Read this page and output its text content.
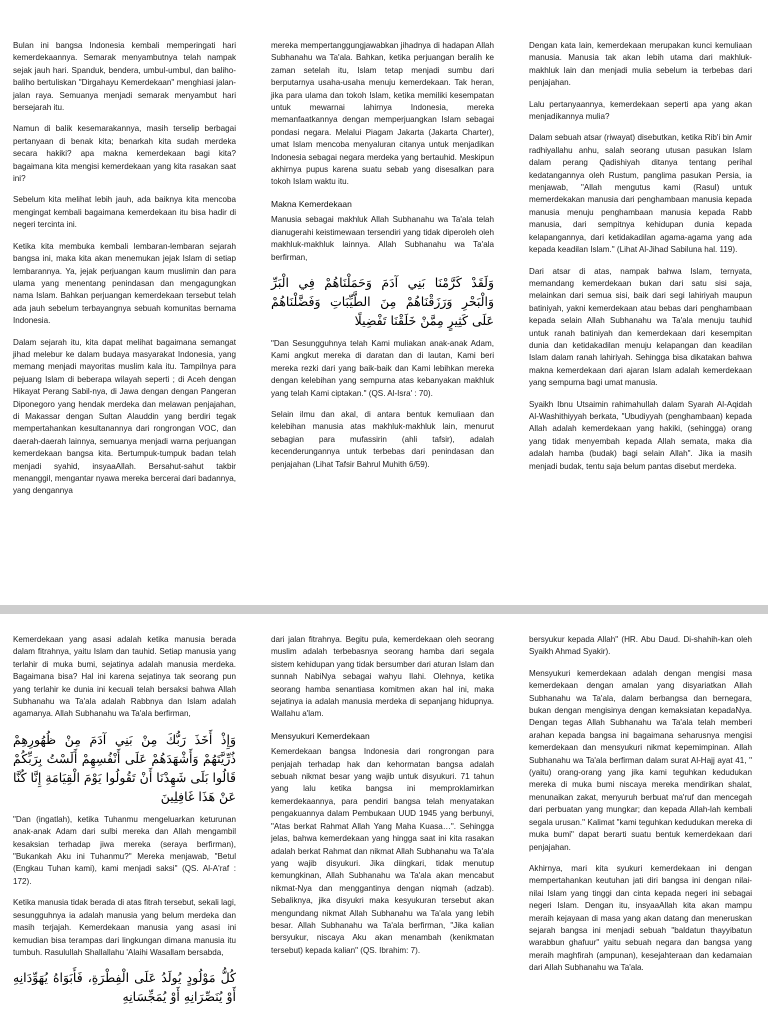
Bulan ini bangsa Indonesia kembali memperingati hari kemerdekaannya. Semarak menyambutnya telah nampak sejak jauh hari. Spanduk, bendera, umbul-umbul, dan baliho-baliho bertuliskan "Dirgahayu Kemerdekaan" menghiasi jalan-jalan raya. Semuanya menjadi semarak menyambut hari bersejarah itu.

Namun di balik kesemarakannya, masih terselip berbagai pertanyaan di benak kita; benarkah kita sudah merdeka secara hakiki? apa makna kemerdekaan bagi kita? bagaimana kita mengisi kemerdekaan yang kita rasakan saat ini?

Sebelum kita melihat lebih jauh, ada baiknya kita mencoba mengingat kembali bagaimana kemerdekaan itu bisa hadir di negeri tercinta ini.

Ketika kita membuka kembali lembaran-lembaran sejarah bangsa ini, maka kita akan menemukan jejak Islam di setiap lembarannya. Ya, jejak perjuangan kaum muslimin dan para ulama yang menentang penindasan dan mengagungkan nama Islam. Bahkan perjuangan kemerdekaan tersebut telah ada jauh sebelum terbayangnya sebuah komunitas bernama Indonesia.

Dalam sejarah itu, kita dapat melihat bagaimana semangat jihad melebur ke dalam budaya masyarakat Indonesia, yang memang menjadi mayoritas muslim kala itu. Tampilnya para pejuang Islam di beberapa wilayah seperti ; di Aceh dengan Hikayat Perang Sabil-nya, di Jawa dengan dengan Pangeran Diponegoro yang hendak merdeka dan melawan penjajahan, di Makassar dengan Sultan Alauddin yang berdiri tegak mempertahankan kesultanannya dari rongrongan VOC, dan daerah-daerah lainnya, semuanya menjadi warna perjuangan kemerdekaan bangsa kita. Bertumpuk-tumpuk badan telah menjadi syahid, insyaaAllah. Bersahut-sahut takbir menanggil, mengantar nyawa mereka bercerai dari badannya, yang dengannya

mereka mempertanggungjawabkan jihadnya di hadapan Allah Subhanahu wa Ta'ala. Bahkan, ketika perjuangan beralih ke zaman setelah itu, Islam tetap menjadi sumbu dari berputarnya usaha-usaha menuju kemerdekaan. Tak heran, jika para ulama dan tokoh Islam, ketika memiliki kesempatan untuk mewarnai lahirnya Indonesia, mereka memanfaatkannya dengan memperjuangkan Islam sebagai pondasi negara. Melalui Piagam Jakarta (Jakarta Charter), umat Islam mencoba menyaluran citanya untuk menjadikan Indonesia sebagai negara merdeka yang bertauhid. Meskipun akhirnya pupus karena suatu sebab yang disesalkan para tokoh Islam waktu itu.

Makna Kemerdekaan

Manusia sebagai makhluk Allah Subhanahu wa Ta'ala telah dianugerahi keistimewaan tersendiri yang tidak diperoleh oleh makhluk-makhluk lainnya. Allah Subhanahu wa Ta'ala berfirman,

وَلَقَدْ كَرَّمْنَا بَنِي آدَمَ وَحَمَلْنَاهُمْ فِي الْبَرِّ وَالْبَحْرِ وَرَزَقْنَاهُمْ مِنَ الطَّيِّبَاتِ وَفَضَّلْنَاهُمْ عَلَى كَثِيرٍ مِمَّنْ خَلَقْنَا تَفْضِيلًا

"Dan Sesungguhnya telah Kami muliakan anak-anak Adam, Kami angkut mereka di daratan dan di lautan, Kami beri mereka rezki dari yang baik-baik dan Kami lebihkan mereka dengan kelebihan yang sempurna atas kebanyakan makhluk yang telah Kami ciptakan." (QS. Al-Isra' : 70).

Selain ilmu dan akal, di antara bentuk kemuliaan dan kelebihan manusia atas makhluk-makhluk lain, menurut sebagian para mufassirin (ahli tafsir), adalah kecenderungannya untuk terbebas dari penindasan dan penjajahan (Lihat Tafsir Bahrul Muhith 6/59).

Dengan kata lain, kemerdekaan merupakan kunci kemuliaan manusia. Manusia tak akan lebih utama dari makhluk-makhluk lain dan menjadi mulia sebelum ia terbebas dari penjajahan.

Lalu pertanyaannya, kemerdekaan seperti apa yang akan menjadikannya mulia?

Dalam sebuah atsar (riwayat) disebutkan, ketika Rib'i bin Amir radhiyallahu anhu, salah seorang utusan pasukan Islam dalam perang Qadishiyah ditanya tentang perihal kedatangannya oleh Rustum, panglima pasukan Persia, ia menjawab, "Allah mengutus kami (Rasul) untuk memerdekakan manusia dari penghambaan manusia kepada manusia menuju penghambaan manusia kepada Rabb manusia, dari sempitnya kehidupan dunia kepada kelapangannya, dari ketidakadilan agama-agama yang ada kepada keadilan Islam." (Lihat Al-Jihad Sabiluna hal. 119).

Dari atsar di atas, nampak bahwa Islam, ternyata, memandang kemerdekaan bukan dari satu sisi saja, melainkan dari semua sisi, baik dari segi lahiriyah maupun batiniyah, yakni kemerdekaan atau bebas dari penghambaan kepada selain Allah Subhanahu wa Ta'ala menuju tauhid untuk ranah batiniyah dan kemerdekaan dari kesempitan dunia dan ketidakadilan menuju kelapangan dan keadilan Islam dalam ranah lahiriyah. Sehingga bisa dikatakan bahwa makna kemerdekaan dari ajaran Islam adalah kemerdekaan yang sempurna bagi umat manusia.

Syaikh Ibnu Utsaimin rahimahullah dalam Syarah Al-Aqidah Al-Washithiyyah berkata, "Ubudiyyah (penghambaan) kepada Allah adalah kemerdekaan yang hakiki, (sehingga) orang yang tidak menyembah kepada Allah semata, maka dia adalah hamba (budak) bagi selain Allah". Jika ia masih menjadi budak, tentu saja belum pantas disebut merdeka.

Kemerdekaan yang asasi adalah ketika manusia berada dalam fitrahnya, yaitu Islam dan tauhid. Setiap manusia yang terlahir di muka bumi, sejatinya adalah manusia merdeka. Bagaimana bisa? Hal ini karena sejatinya tak seorang pun yang terlahir ke dunia ini kecuali telah bersaksi bahwa Allah Subhanahu wa Ta'ala adalah Rabbnya dan Islam adalah agamanya. Allah Subhanahu wa Ta'ala berfirman,

وَإِذْ أَخَذَ رَبُّكَ مِنْ بَنِي آدَمَ مِنْ ظُهُورِهِمْ ذُرِّيَّتَهُمْ وَأَشْهَدَهُمْ عَلَى أَنْفُسِهِمْ أَلَسْتُ بِرَبِّكُمْ قَالُوا بَلَى شَهِدْنَا أَنْ تَقُولُوا يَوْمَ الْقِيَامَةِ إِنَّا كُنَّا عَنْ هَذَا غَافِلِينَ

"Dan (ingatlah), ketika Tuhanmu mengeluarkan keturunan anak-anak Adam dari sulbi mereka dan Allah mengambil kesaksian terhadap jiwa mereka (seraya berfirman), "Bukankah Aku ini Tuhanmu?" Mereka menjawab, "Betul (Engkau Tuhan kami), kami menjadi saksi" (QS. Al-A'raf : 172).

Ketika manusia tidak berada di atas fitrah tersebut, sekali lagi, sesungguhnya ia adalah manusia yang belum merdeka dan masih terjajah. Kemerdekaan manusia yang asasi ini kemudian bisa terampas dari lingkungan dimana manusia itu tumbuh. Rasulullah Shallallahu 'Alaihi Wasallam bersabda,

كُلُّ مَوْلُودٍ يُولَدُ عَلَى الْفِطْرَةِ، فَأَبَوَاهُ يُهَوِّدَانِهِ أَوْ يُنَصِّرَانِهِ أَوْ يُمَجِّسَانِهِ

dari jalan fitrahnya. Begitu pula, kemerdekaan oleh seorang muslim adalah terbebasnya seorang hamba dari segala sistem kehidupan yang tidak bersumber dari aturan Islam dan sunnah NabiNya sebagai wahyu Ilahi. Olehnya, ketika seorang hamba senantiasa komitmen akan hal ini, maka sejatinya ia adalah manusia merdeka di sepanjang hidupnya. Wallahu a'lam.

Mensyukuri Kemerdekaan

Kemerdekaan bangsa Indonesia dari rongrongan para penjajah terhadap hak dan kehormatan bangsa adalah sebuah nikmat besar yang wajib untuk disyukuri. 71 tahun yang lalu ketika bangsa ini memproklamirkan kemerdekaannya, para pendiri bangsa telah menyatakan pengakuannya dalam Pembukaan UUD 1945 yang berbunyi, "Atas berkat Rahmat Allah Yang Maha Kuasa…". Sehingga jelas, bahwa kemerdekaan yang hingga saat ini kita rasakan adalah berkat Rahmat dan nikmat Allah Subhanahu wa Ta'ala yang wajib disyukuri. Jika diingkari, tidak menutup kemungkinan, Allah Subhanahu wa Ta'ala akan mencabut nikmat-Nya dan menggantinya dengan niqmah (adzab). Sebaliknya, jika disyukri maka kesyukuran tersebut akan mengundang nikmat Allah Subhanahu wa Ta'ala yang lebih besar. Allah Subhanahu wa Ta'ala berfirman, "Jika kalian bersyukur, niscaya Aku akan menambah (kenikmatan tersebut) kepada kalian" (QS. Ibrahim: 7).

bersyukur kepada Allah" (HR. Abu Daud. Di-shahih-kan oleh Syaikh Ahmad Syakir).

Mensyukuri kemerdekaan adalah dengan mengisi masa kemerdekaan dengan amalan yang disyariatkan Allah Subhanahu wa Ta'ala, dalam berbangsa dan bernegara, bukan dengan mengisinya dengan kemaksiatan kepadaNya. Dengan tegas Allah Subhanahu wa Ta'ala telah memberi arahan kepada bangsa ini bagaimana seharusnya mengisi kemerdekaan dan mensyukuri nikmat kepemimpinan. Allah Subhanahu wa Ta'ala berfirman dalam surat Al-Hajj ayat 41, "(yaitu) orang-orang yang jika kami teguhkan kedudukan mereka di muka bumi niscaya mereka mendirikan shalat, menunaikan zakat, menyuruh berbuat ma'ruf dan mencegah dari perbuatan yang mungkar; dan kepada Allah-lah kembali segala urusan." Kalimat "kami teguhkan kedudukan mereka di muka bumi" dapat berarti suatu bentuk kemerdekaan dari penjajahan.

Akhirnya, mari kita syukuri kemerdekaan ini dengan mempertahankan keutuhan jati diri bangsa ini dengan nilai-nilai Islam yang tinggi dan cinta kepada negeri ini sebagai negeri Islam. Dengan itu, insyaaAllah kita akan mampu meraih kejayaan di masa yang akan datang dan meneruskan sejarah bangsa ini menjadi sebuah "baldatun thayyibatun warabbun ghafuur" yaitu sebuah negara dan bangsa yang meraih maghfirah (ampunan), kesejahteraan dan kedamaian dari Allah Subhanahu wa Ta'ala.
